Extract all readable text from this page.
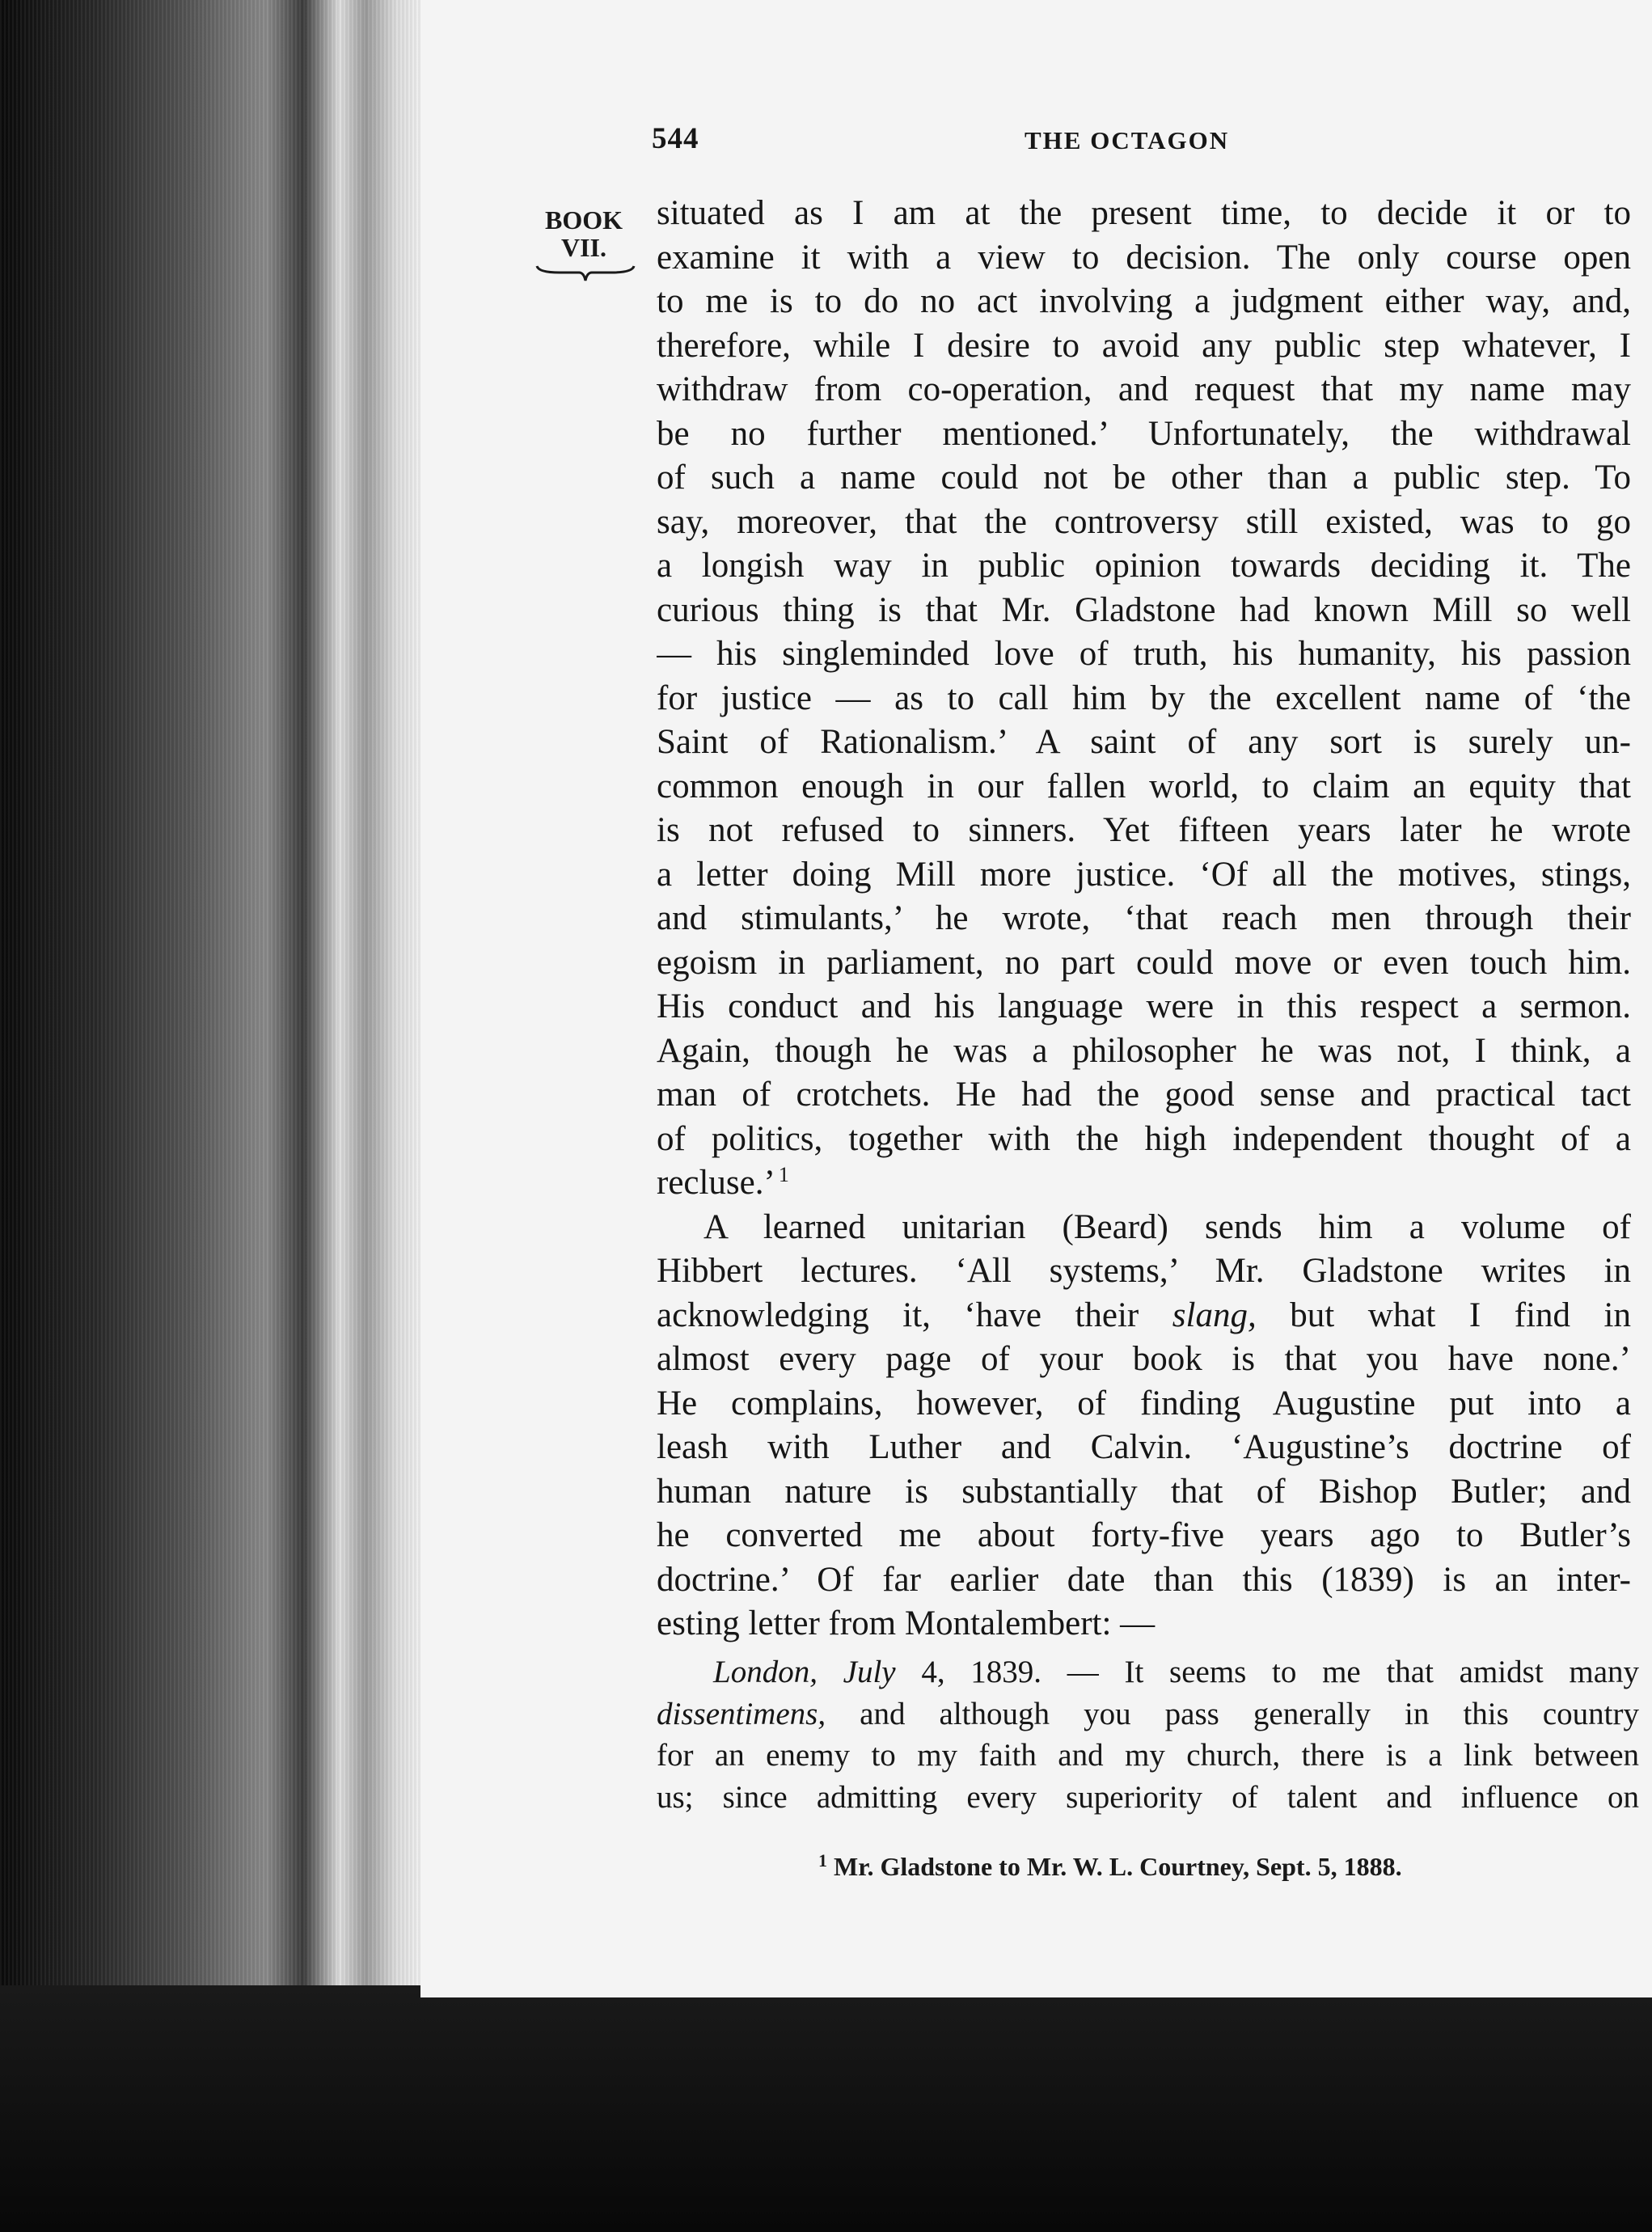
544	THE OCTAGON
BOOK
VII.
situated as I am at the present time, to decide it or to
examine it with a view to decision. The only course open
to me is to do no act involving a judgment either way, and,
therefore, while I desire to avoid any public step whatever, I
withdraw from co-operation, and request that my name may
be no further mentioned.’ Unfortunately, the withdrawal
of such a name could not be other than a public step. To
say, moreover, that the controversy still existed, was to go
a longish way in public opinion towards deciding it. The
curious thing is that Mr. Gladstone had known Mill so well
— his singleminded love of truth, his humanity, his passion
for justice — as to call him by the excellent name of ‘the
Saint of Rationalism.’ A saint of any sort is surely un-
common enough in our fallen world, to claim an equity that
is not refused to sinners. Yet fifteen years later he wrote
a letter doing Mill more justice. ‘Of all the motives, stings,
and stimulants,’ he wrote, ‘that reach men through their
egoism in parliament, no part could move or even touch him.
His conduct and his language were in this respect a sermon.
Again, though he was a philosopher he was not, I think, a
man of crotchets. He had the good sense and practical tact
of politics, together with the high independent thought of a
recluse.’ $^1$
A learned unitarian (Beard) sends him a volume of
Hibbert lectures. ‘All systems,’ Mr. Gladstone writes in
acknowledging it, ‘have their slang, but what I find in
almost every page of your book is that you have none.’
He complains, however, of finding Augustine put into a
leash with Luther and Calvin. ‘Augustine’s doctrine of
human nature is substantially that of Bishop Butler; and
he converted me about forty-five years ago to Butler’s
doctrine.’ Of far earlier date than this (1839) is an inter-
esting letter from Montalembert: —
London, July 4, 1839. — It seems to me that amidst many
dissentimens, and although you pass generally in this country
for an enemy to my faith and my church, there is a link between
us; since admitting every superiority of talent and influence on
$^1$ Mr. Gladstone to Mr. W. L. Courtney, Sept. 5, 1888.
